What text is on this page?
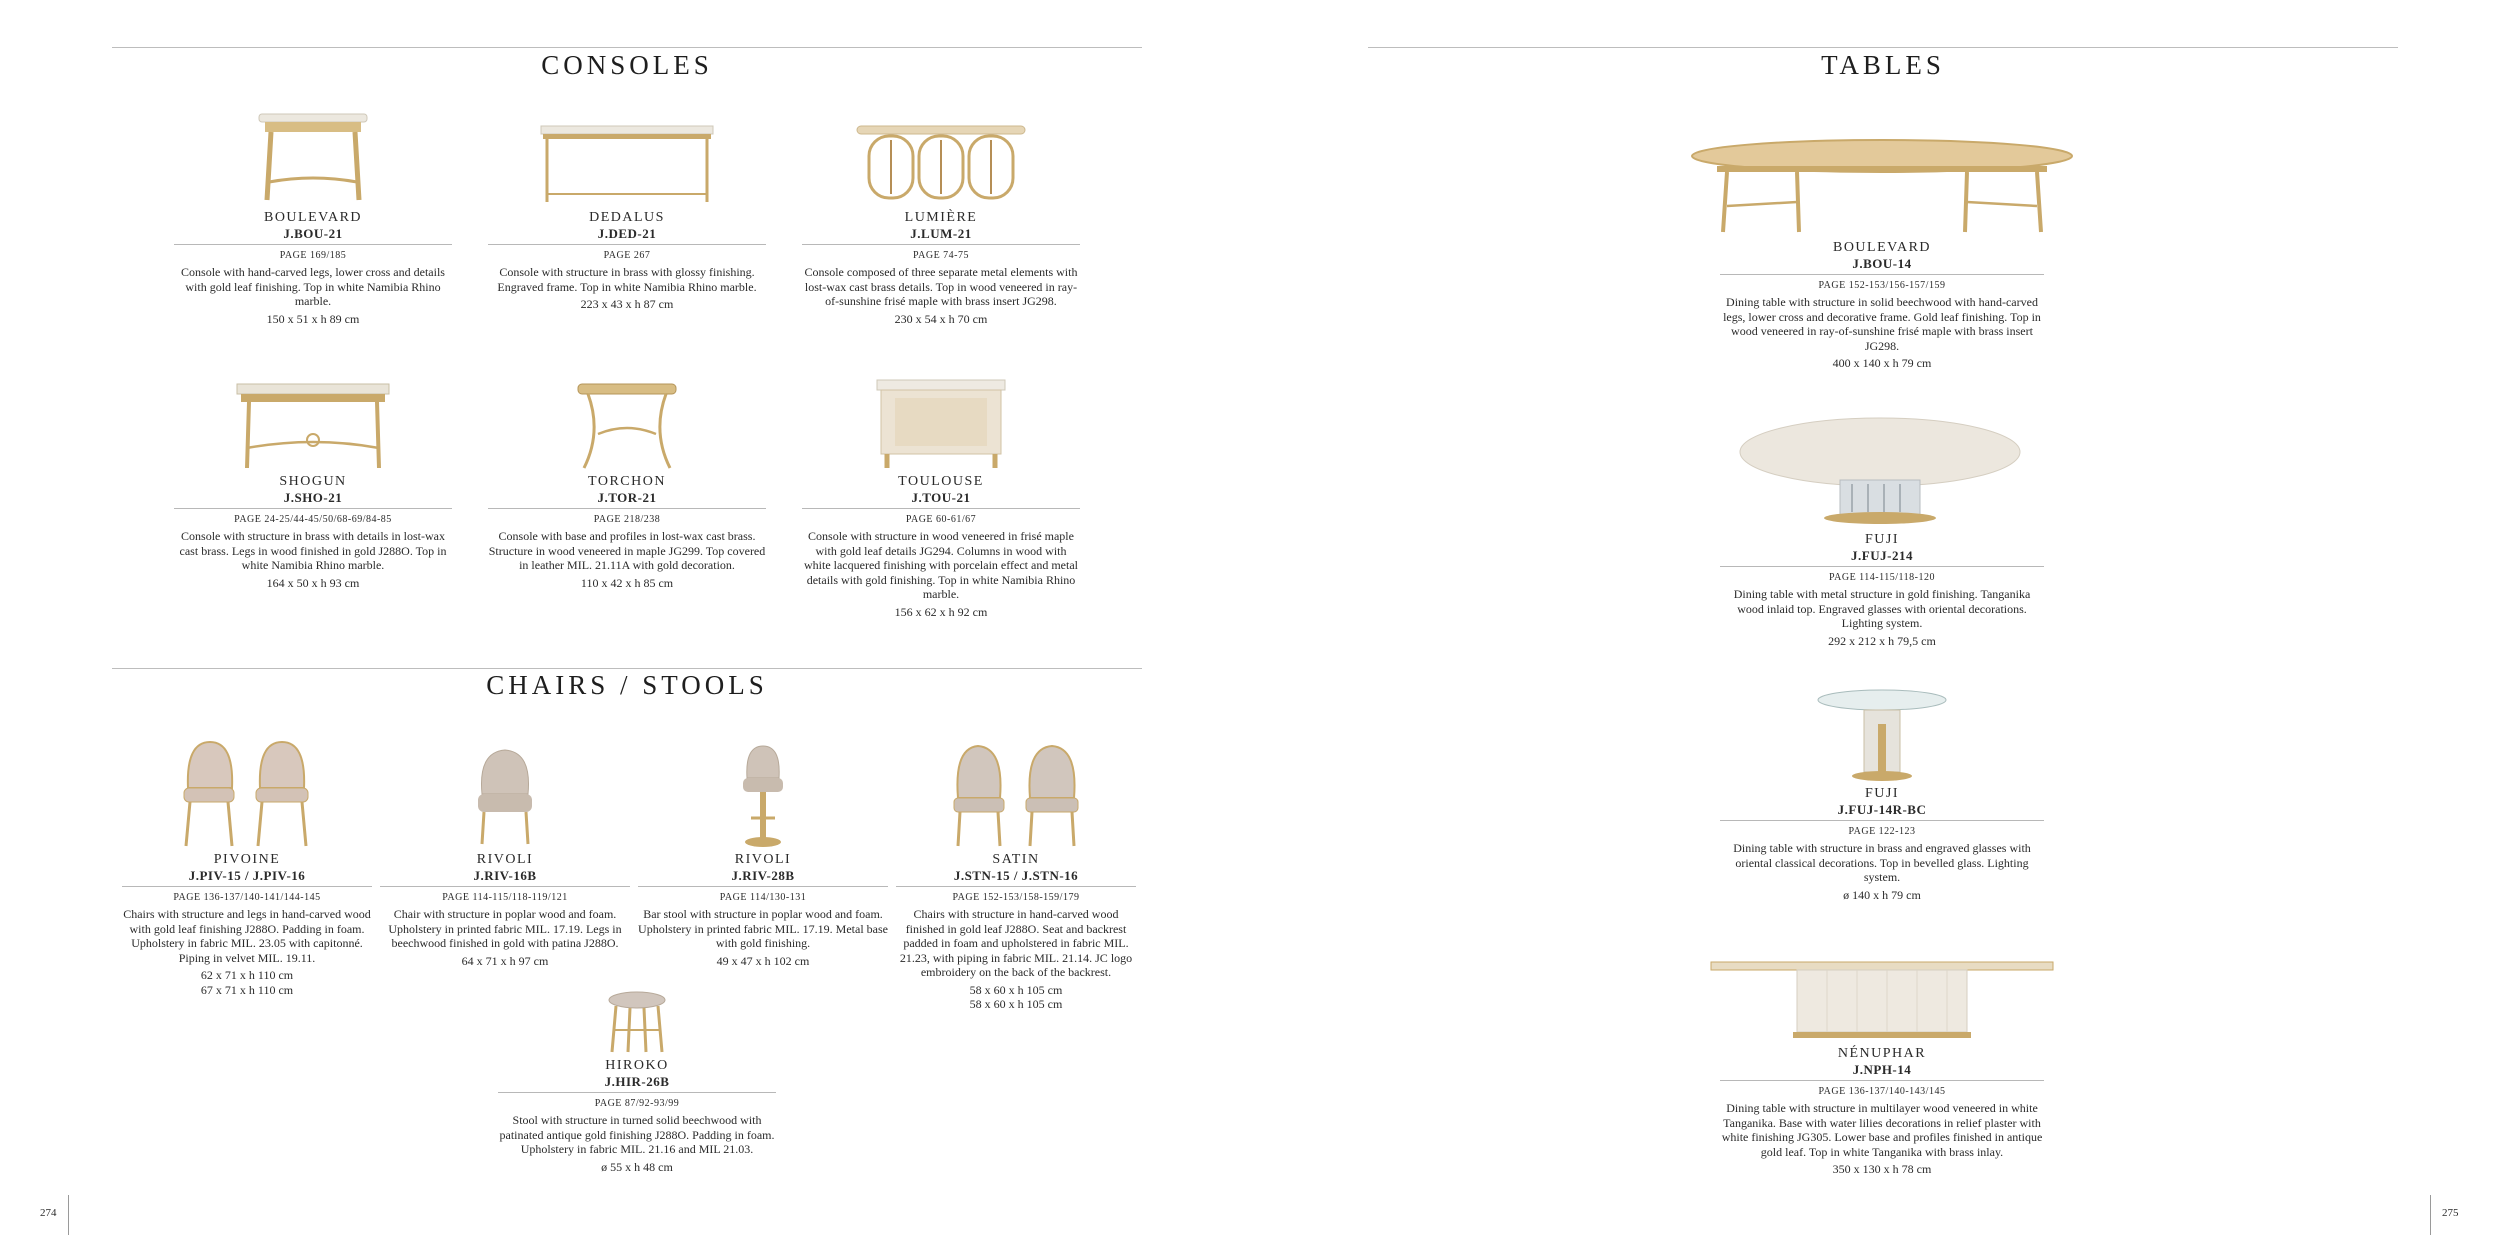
CONSOLES
BOULEVARD
J.BOU-21
PAGE 169/185
Console with hand-carved legs, lower cross and details with gold leaf finishing. Top in white Namibia Rhino marble.
150 x 51 x h 89 cm
DEDALUS
J.DED-21
PAGE 267
Console with structure in brass with glossy finishing. Engraved frame. Top in white Namibia Rhino marble.
223 x 43 x h 87 cm
LUMIÈRE
J.LUM-21
PAGE 74-75
Console composed of three separate metal elements with lost-wax cast brass details. Top in wood veneered in ray-of-sunshine frisé maple with brass insert JG298.
230 x 54 x h 70 cm
SHOGUN
J.SHO-21
PAGE 24-25/44-45/50/68-69/84-85
Console with structure in brass with details in lost-wax cast brass. Legs in wood finished in gold J288O. Top in white Namibia Rhino marble.
164 x 50 x h 93 cm
TORCHON
J.TOR-21
PAGE 218/238
Console with base and profiles in lost-wax cast brass. Structure in wood veneered in maple JG299. Top covered in leather MIL. 21.11A with gold decoration.
110 x 42 x h 85 cm
TOULOUSE
J.TOU-21
PAGE 60-61/67
Console with structure in wood veneered in frisé maple with gold leaf details JG294. Columns in wood with white lacquered finishing with porcelain effect and metal details with gold finishing. Top in white Namibia Rhino marble.
156 x 62 x h 92 cm
CHAIRS / STOOLS
PIVOINE
J.PIV-15 / J.PIV-16
PAGE 136-137/140-141/144-145
Chairs with structure and legs in hand-carved wood with gold leaf finishing J288O. Padding in foam. Upholstery in fabric MIL. 23.05 with capitonné. Piping in velvet MIL. 19.11.
62 x 71 x h 110 cm
67 x 71 x h 110 cm
RIVOLI
J.RIV-16B
PAGE 114-115/118-119/121
Chair with structure in poplar wood and foam. Upholstery in printed fabric MIL. 17.19. Legs in beechwood finished in gold with patina J288O.
64 x 71 x h 97 cm
RIVOLI
J.RIV-28B
PAGE 114/130-131
Bar stool with structure in poplar wood and foam. Upholstery in printed fabric MIL. 17.19. Metal base with gold finishing.
49 x 47 x h 102 cm
SATIN
J.STN-15 / J.STN-16
PAGE 152-153/158-159/179
Chairs with structure in hand-carved wood finished in gold leaf J288O. Seat and backrest padded in foam and upholstered in fabric MIL. 21.23, with piping in fabric MIL. 21.14. JC logo embroidery on the back of the backrest.
58 x 60 x h 105 cm
58 x 60 x h 105 cm
HIROKO
J.HIR-26B
PAGE 87/92-93/99
Stool with structure in turned solid beechwood with patinated antique gold finishing J288O. Padding in foam. Upholstery in fabric MIL. 21.16 and MIL 21.03.
ø 55 x h 48 cm
TABLES
BOULEVARD
J.BOU-14
PAGE 152-153/156-157/159
Dining table with structure in solid beechwood with hand-carved legs, lower cross and decorative frame. Gold leaf finishing. Top in wood veneered in ray-of-sunshine frisé maple with brass insert JG298.
400 x 140 x h 79 cm
FUJI
J.FUJ-214
PAGE 114-115/118-120
Dining table with metal structure in gold finishing. Tanganika wood inlaid top. Engraved glasses with oriental decorations. Lighting system.
292 x 212 x h 79,5 cm
FUJI
J.FUJ-14R-BC
PAGE 122-123
Dining table with structure in brass and engraved glasses with oriental classical decorations. Top in bevelled glass. Lighting system.
ø 140 x h 79 cm
NÉNUPHAR
J.NPH-14
PAGE 136-137/140-143/145
Dining table with structure in multilayer wood veneered in white Tanganika. Base with water lilies decorations in relief plaster with white finishing JG305. Lower base and profiles finished in antique gold leaf. Top in white Tanganika with brass inlay.
350 x 130 x h 78 cm
274	275
